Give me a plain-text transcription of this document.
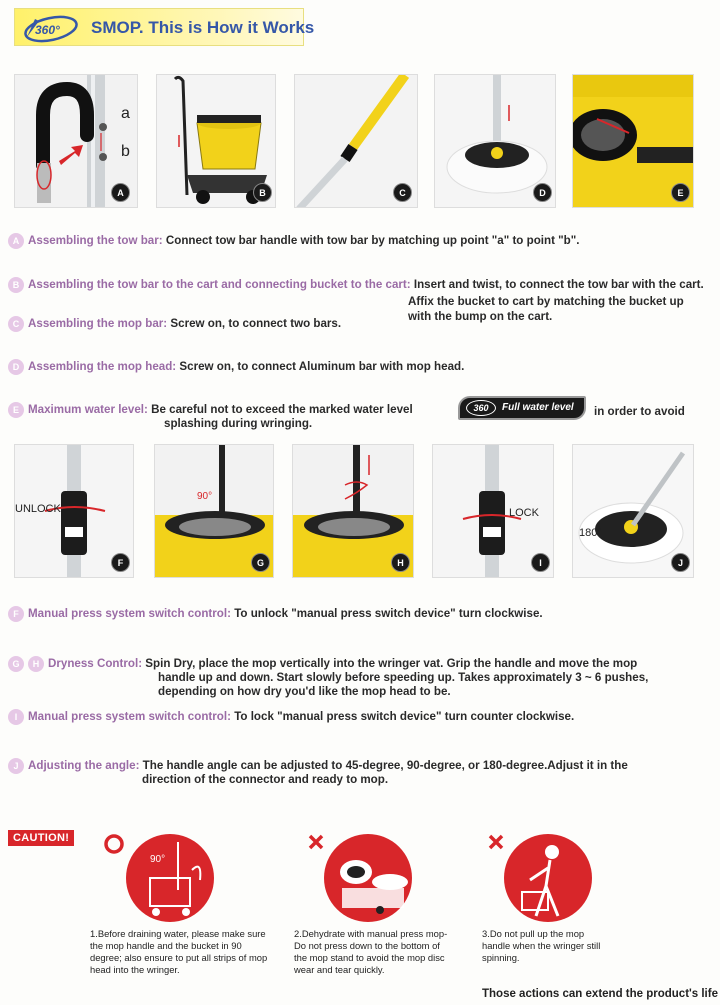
360° SMOP. This is How it Works
a
b
A	B	C	D	E
A Assembling the tow bar: Connect tow bar handle with tow bar by matching up point "a" to point "b".
B Assembling the tow bar to the cart and connecting bucket to the cart: Insert and twist, to connect the tow bar with the cart.
Affix the bucket to cart by matching the bucket up
with the bump on the cart.
C Assembling the mop bar: Screw on, to connect two bars.
D Assembling the mop head: Screw on, to connect Aluminum bar with mop head.
E Maximum water level: Be careful not to exceed the marked water level
splashing during wringing.
360	Full water level in order to avoid
UNLOCK
F
90°
G	H
LOCK
I
180°
J
F Manual press system switch control: To unlock "manual press switch device" turn clockwise.
G H Dryness Control: Spin Dry, place the mop vertically into the wringer vat. Grip the handle and move the mop
handle up and down. Start slowly before speeding up. Takes approximately 3 ~ 6 pushes,
depending on how dry you'd like the mop head to be.
I Manual press system switch control: To lock "manual press switch device" turn counter clockwise.
J Adjusting the angle: The handle angle can be adjusted to 45-degree, 90-degree, or 180-degree.Adjust it in the
direction of the connector and ready to mop.
CAUTION!
90°
1.Before draining water, please make sure the mop handle and the bucket in 90 degree; also ensure to put all strips of mop head into the wringer.
2.Dehydrate with manual press mop-Do not press down to the bottom of the mop stand to avoid the mop disc wear and tear quickly.
3.Do not pull up the mop handle when the wringer still spinning.
Those actions can extend the product's life
